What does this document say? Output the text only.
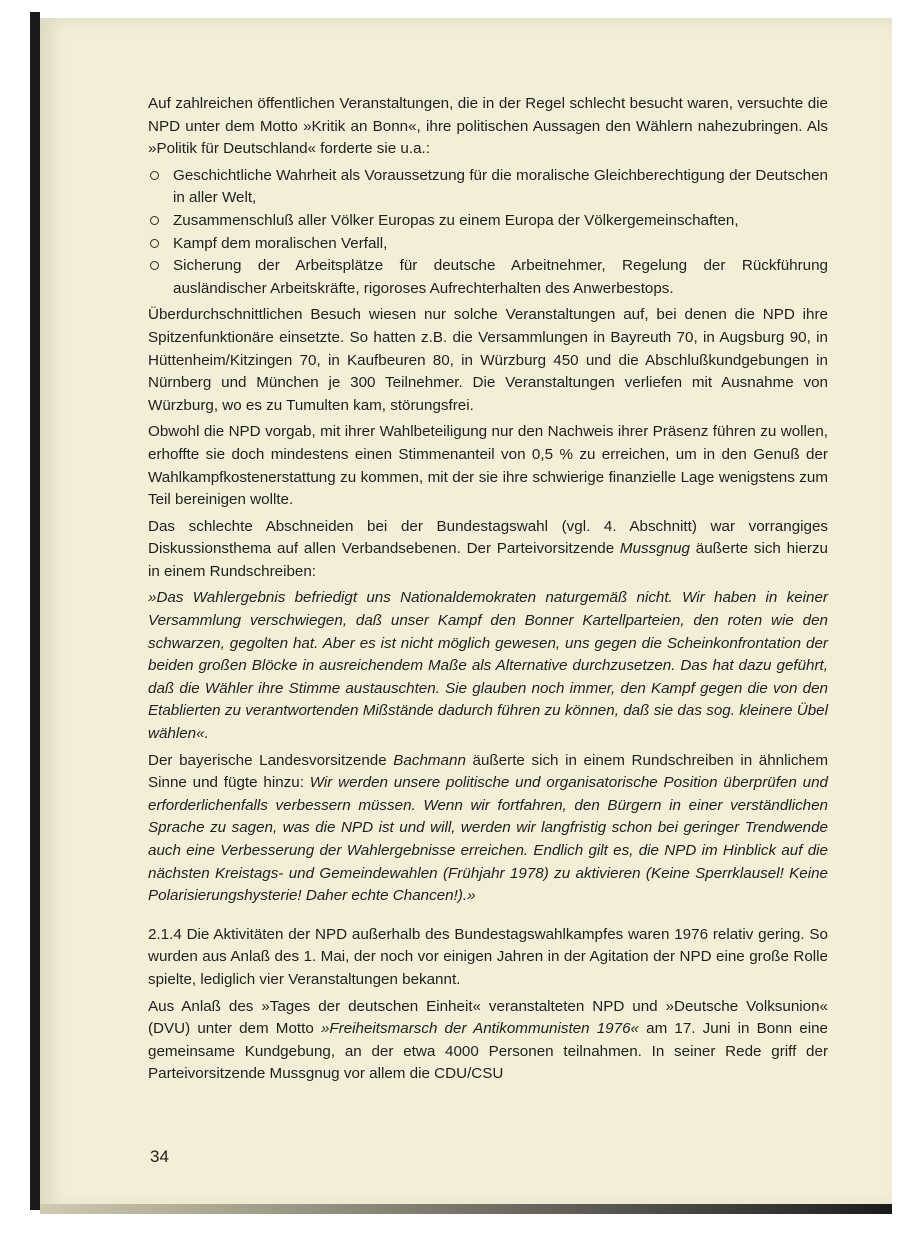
Auf zahlreichen öffentlichen Veranstaltungen, die in der Regel schlecht besucht waren, versuchte die NPD unter dem Motto »Kritik an Bonn«, ihre politischen Aussagen den Wählern nahezubringen. Als »Politik für Deutschland« forderte sie u.a.:

Geschichtliche Wahrheit als Voraussetzung für die moralische Gleichberechtigung der Deutschen in aller Welt,
Zusammenschluß aller Völker Europas zu einem Europa der Völkergemeinschaften,
Kampf dem moralischen Verfall,
Sicherung der Arbeitsplätze für deutsche Arbeitnehmer, Regelung der Rückführung ausländischer Arbeitskräfte, rigoroses Aufrechterhalten des Anwerbestops.

Überdurchschnittlichen Besuch wiesen nur solche Veranstaltungen auf, bei denen die NPD ihre Spitzenfunktionäre einsetzte. So hatten z.B. die Versammlungen in Bayreuth 70, in Augsburg 90, in Hüttenheim/Kitzingen 70, in Kaufbeuren 80, in Würzburg 450 und die Abschlußkundgebungen in Nürnberg und München je 300 Teilnehmer. Die Veranstaltungen verliefen mit Ausnahme von Würzburg, wo es zu Tumulten kam, störungsfrei.

Obwohl die NPD vorgab, mit ihrer Wahlbeteiligung nur den Nachweis ihrer Präsenz führen zu wollen, erhoffte sie doch mindestens einen Stimmenanteil von 0,5 % zu erreichen, um in den Genuß der Wahlkampfkostenerstattung zu kommen, mit der sie ihre schwierige finanzielle Lage wenigstens zum Teil bereinigen wollte.

Das schlechte Abschneiden bei der Bundestagswahl (vgl. 4. Abschnitt) war vorrangiges Diskussionsthema auf allen Verbandsebenen. Der Parteivorsitzende Mussgnug äußerte sich hierzu in einem Rundschreiben:

»Das Wahlergebnis befriedigt uns Nationaldemokraten naturgemäß nicht. Wir haben in keiner Versammlung verschwiegen, daß unser Kampf den Bonner Kartellparteien, den roten wie den schwarzen, gegolten hat. Aber es ist nicht möglich gewesen, uns gegen die Scheinkonfrontation der beiden großen Blöcke in ausreichendem Maße als Alternative durchzusetzen. Das hat dazu geführt, daß die Wähler ihre Stimme austauschten. Sie glauben noch immer, den Kampf gegen die von den Etablierten zu verantwortenden Mißstände dadurch führen zu können, daß sie das sog. kleinere Übel wählen«.

Der bayerische Landesvorsitzende Bachmann äußerte sich in einem Rundschreiben in ähnlichem Sinne und fügte hinzu: Wir werden unsere politische und organisatorische Position überprüfen und erforderlichenfalls verbessern müssen. Wenn wir fortfahren, den Bürgern in einer verständlichen Sprache zu sagen, was die NPD ist und will, werden wir langfristig schon bei geringer Trendwende auch eine Verbesserung der Wahlergebnisse erreichen. Endlich gilt es, die NPD im Hinblick auf die nächsten Kreistags- und Gemeindewahlen (Frühjahr 1978) zu aktivieren (Keine Sperrklausel! Keine Polarisierungshysterie! Daher echte Chancen!).»

2.1.4 Die Aktivitäten der NPD außerhalb des Bundestagswahlkampfes waren 1976 relativ gering. So wurden aus Anlaß des 1. Mai, der noch vor einigen Jahren in der Agitation der NPD eine große Rolle spielte, lediglich vier Veranstaltungen bekannt.

Aus Anlaß des »Tages der deutschen Einheit« veranstalteten NPD und »Deutsche Volksunion« (DVU) unter dem Motto »Freiheitsmarsch der Antikommunisten 1976« am 17. Juni in Bonn eine gemeinsame Kundgebung, an der etwa 4000 Personen teilnahmen. In seiner Rede griff der Parteivorsitzende Mussgnug vor allem die CDU/CSU

34
